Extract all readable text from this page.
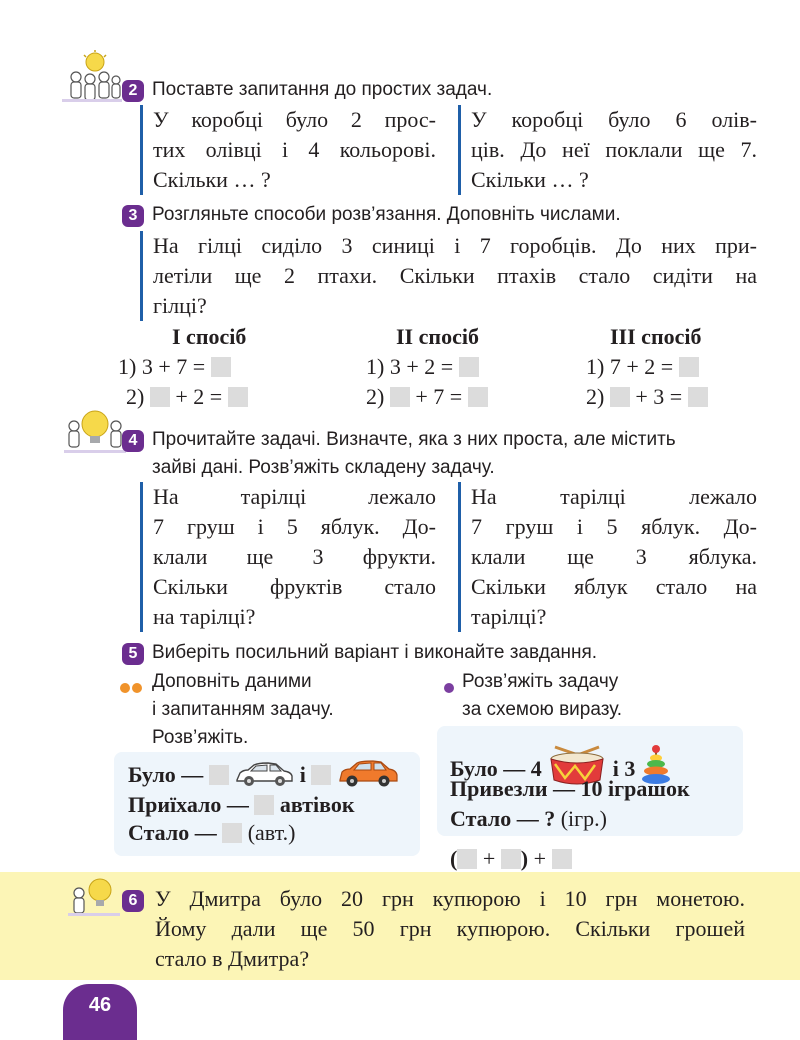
2 Поставте запитання до простих задач.
У коробці було 2 прос-
тих олівці і 4 кольорові.
Скільки … ?
У коробці було 6 олів-
ців. До неї поклали ще 7.
Скільки … ?
3 Розгляньте способи розв’язання. Доповніть числами.
На гілці сиділо 3 синиці і 7 горобців. До них при-
летіли ще 2 птахи. Скільки птахів стало сидіти на
гілці?
І спосіб	ІІ спосіб	ІІІ спосіб
1) 3 + 7 =	1) 3 + 2 =	1) 7 + 2 =
2) + 2 =	2) + 7 =	2) + 3 =
4 Прочитайте задачі. Визначте, яка з них проста, але містить
зайві дані. Розв’яжіть складену задачу.
На тарілці лежало
7 груш і 5 яблук. До-
клали ще 3 фрукти.
Скільки фруктів стало
на тарілці?
На тарілці лежало
7 груш і 5 яблук. До-
клали ще 3 яблука.
Скільки яблук стало на
тарілці?
5 Виберіть посильний варіант і виконайте завдання.
Доповніть даними
і запитанням задачу.
Розв’яжіть.
Розв’яжіть задачу
за схемою виразу.
Було —	і
Приїхало — автівок
Стало — (авт.)
Було — 4	і 3
Привезли — 10 іграшок
Стало — ? (ігр.)
( + ) +
6 У Дмитра було 20 грн купюрою і 10 грн монетою.
Йому дали ще 50 грн купюрою. Скільки грошей
стало в Дмитра?
46
